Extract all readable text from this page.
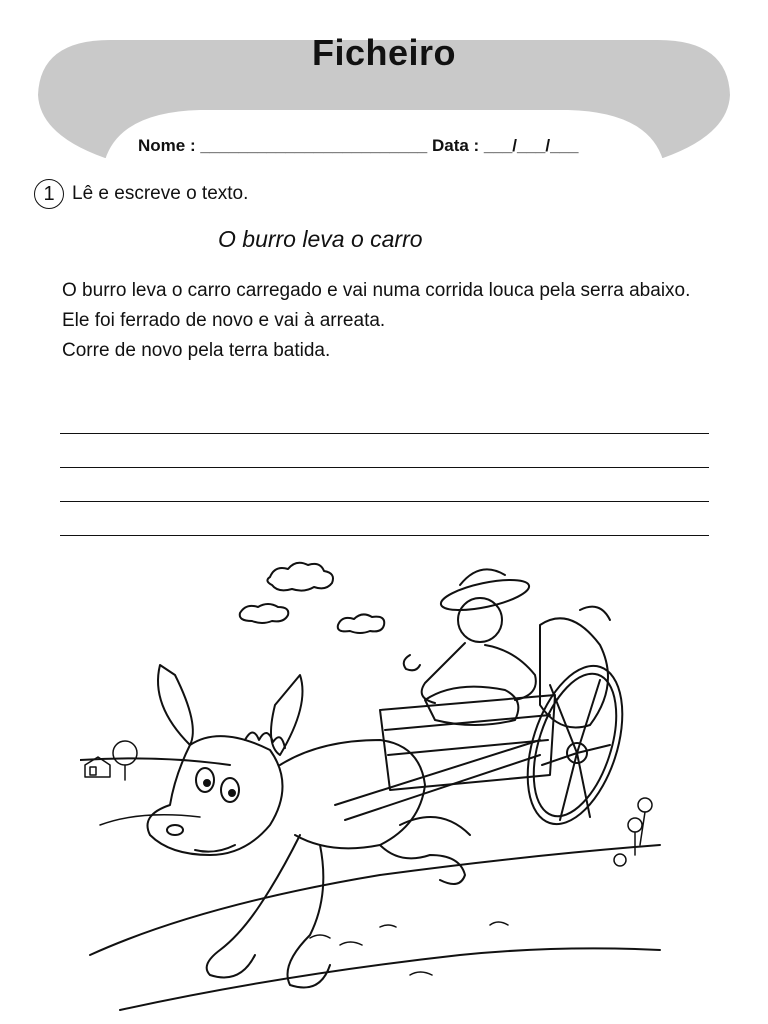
Ficheiro
Nome : ________________________ Data : ___/___/___
1 Lê e escreve o texto.
O burro leva o carro

O burro leva o carro carregado e vai numa corrida louca pela serra abaixo.

Ele foi ferrado de novo e vai à arreata.

Corre de novo pela terra batida.
